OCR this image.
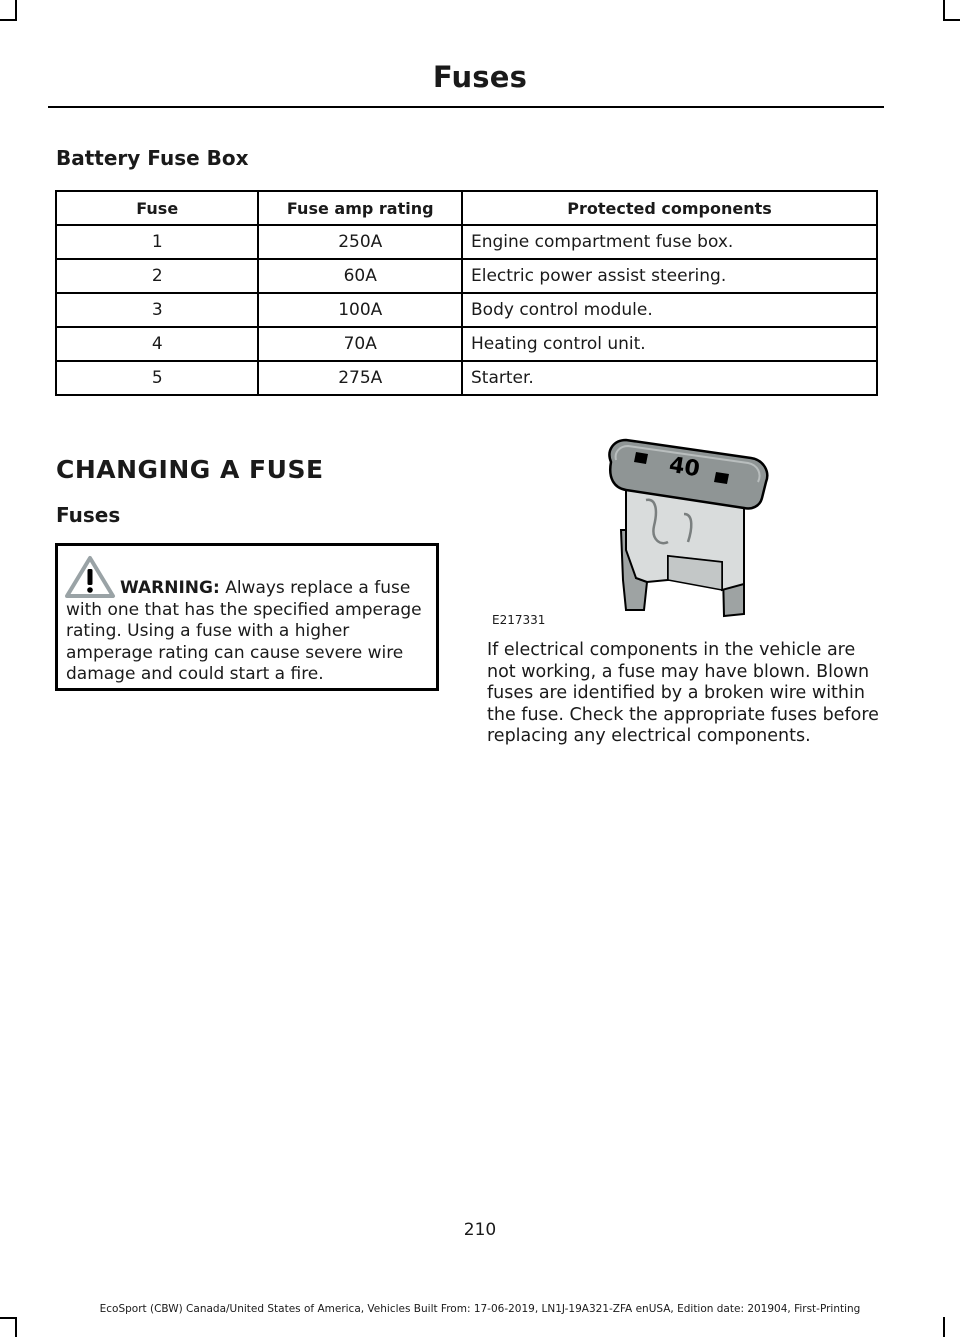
Fuses
Battery Fuse Box
Fuse	Fuse amp rating	Protected components
1	250A	Engine compartment fuse box.
2	60A	Electric power assist steering.
3	100A	Body control module.
4	70A	Heating control unit.
5	275A	Starter.
CHANGING A FUSE
Fuses
WARNING: Always replace a fuse with one that has the specified amperage rating. Using a fuse with a higher amperage rating can cause severe wire damage and could start a fire.
40
E217331
If electrical components in the vehicle are not working, a fuse may have blown. Blown fuses are identified by a broken wire within the fuse. Check the appropriate fuses before replacing any electrical components.
210
EcoSport (CBW) Canada/United States of America, Vehicles Built From: 17-06-2019, LN1J-19A321-ZFA enUSA, Edition date: 201904, First-Printing
